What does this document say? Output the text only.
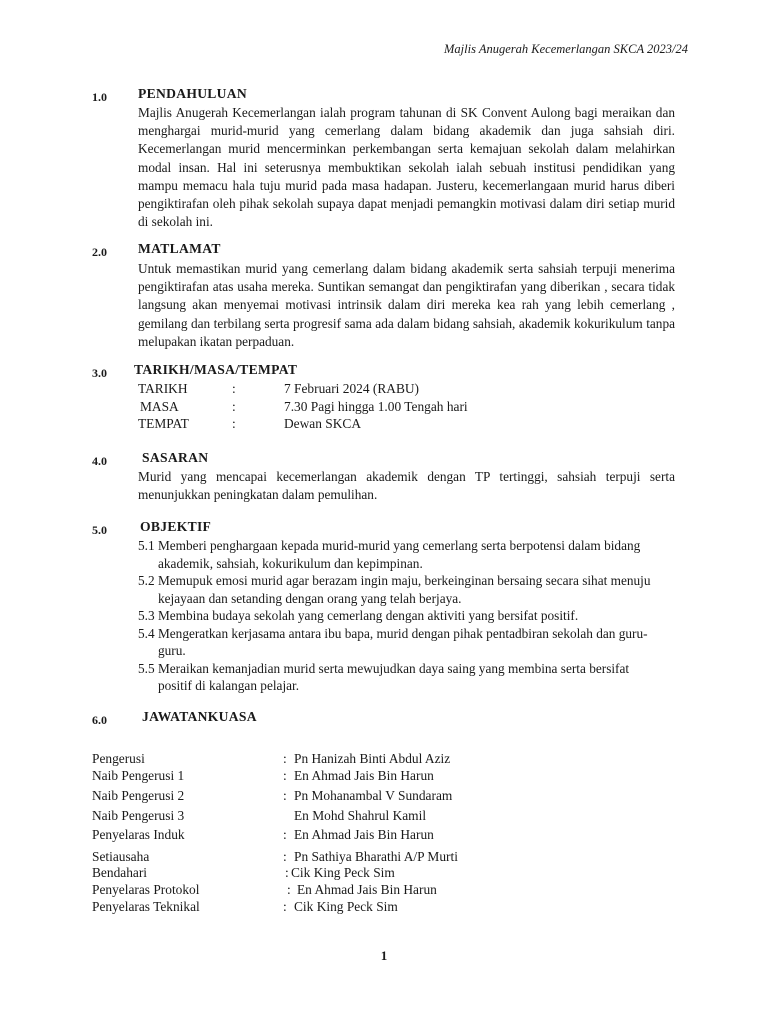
Majlis Anugerah Kecemerlangan SKCA 2023/24
1.0 PENDAHULUAN
Majlis Anugerah Kecemerlangan ialah program tahunan di SK Convent Aulong bagi meraikan dan
menghargai murid-murid yang cemerlang dalam bidang akademik dan juga sahsiah diri.
Kecemerlangan murid mencerminkan perkembangan serta kemajuan sekolah dalam melahirkan
modal insan. Hal ini seterusnya membuktikan sekolah ialah sebuah institusi pendidikan yang
mampu memacu hala tuju murid pada masa hadapan. Justeru, kecemerlangaan murid harus diberi
pengiktirafan oleh pihak sekolah supaya dapat menjadi pemangkin motivasi dalam diri setiap murid
di sekolah ini.
2.0 MATLAMAT
Untuk memastikan murid yang cemerlang dalam bidang akademik serta sahsiah terpuji menerima
pengiktirafan atas usaha mereka. Suntikan semangat dan pengiktirafan yang diberikan , secara tidak
langsung akan menyemai motivasi intrinsik dalam diri mereka kea rah yang lebih cemerlang ,
gemilang dan terbilang serta progresif sama ada dalam bidang sahsiah, akademik kokurikulum tanpa
melupakan ikatan perpaduan.
3.0 TARIKH/MASA/TEMPAT
TARIKH	:	7 Februari 2024 (RABU)
MASA	:	7.30 Pagi hingga 1.00 Tengah hari
TEMPAT	:	Dewan SKCA
4.0	SASARAN
Murid yang mencapai kecemerlangan akademik dengan TP tertinggi, sahsiah terpuji serta
menunjukkan peningkatan dalam pemulihan.
5.0 OBJEKTIF
5.1 Memberi penghargaan kepada murid-murid yang cemerlang serta berpotensi dalam bidang
akademik, sahsiah, kokurikulum dan kepimpinan.
5.2 Memupuk emosi murid agar berazam ingin maju, berkeinginan bersaing secara sihat menuju
kejayaan dan setanding dengan orang yang telah berjaya.
5.3 Membina budaya sekolah yang cemerlang dengan aktiviti yang bersifat positif.
5.4 Mengeratkan kerjasama antara ibu bapa, murid dengan pihak pentadbiran sekolah dan guru-
guru.
5.5 Meraikan kemanjadian murid serta mewujudkan daya saing yang membina serta bersifat
positif di kalangan pelajar.
6.0	JAWATANKUASA
Pengerusi	: Pn Hanizah Binti Abdul Aziz
Naib Pengerusi 1	: En Ahmad Jais Bin Harun
Naib Pengerusi 2	: Pn Mohanambal V Sundaram
Naib Pengerusi 3	En Mohd Shahrul Kamil
Penyelaras Induk	: En Ahmad Jais Bin Harun
Setiausaha	: Pn Sathiya Bharathi A/P Murti
Bendahari	: Cik King Peck Sim
Penyelaras Protokol	: En Ahmad Jais Bin Harun
Penyelaras Teknikal	: Cik King Peck Sim
1
